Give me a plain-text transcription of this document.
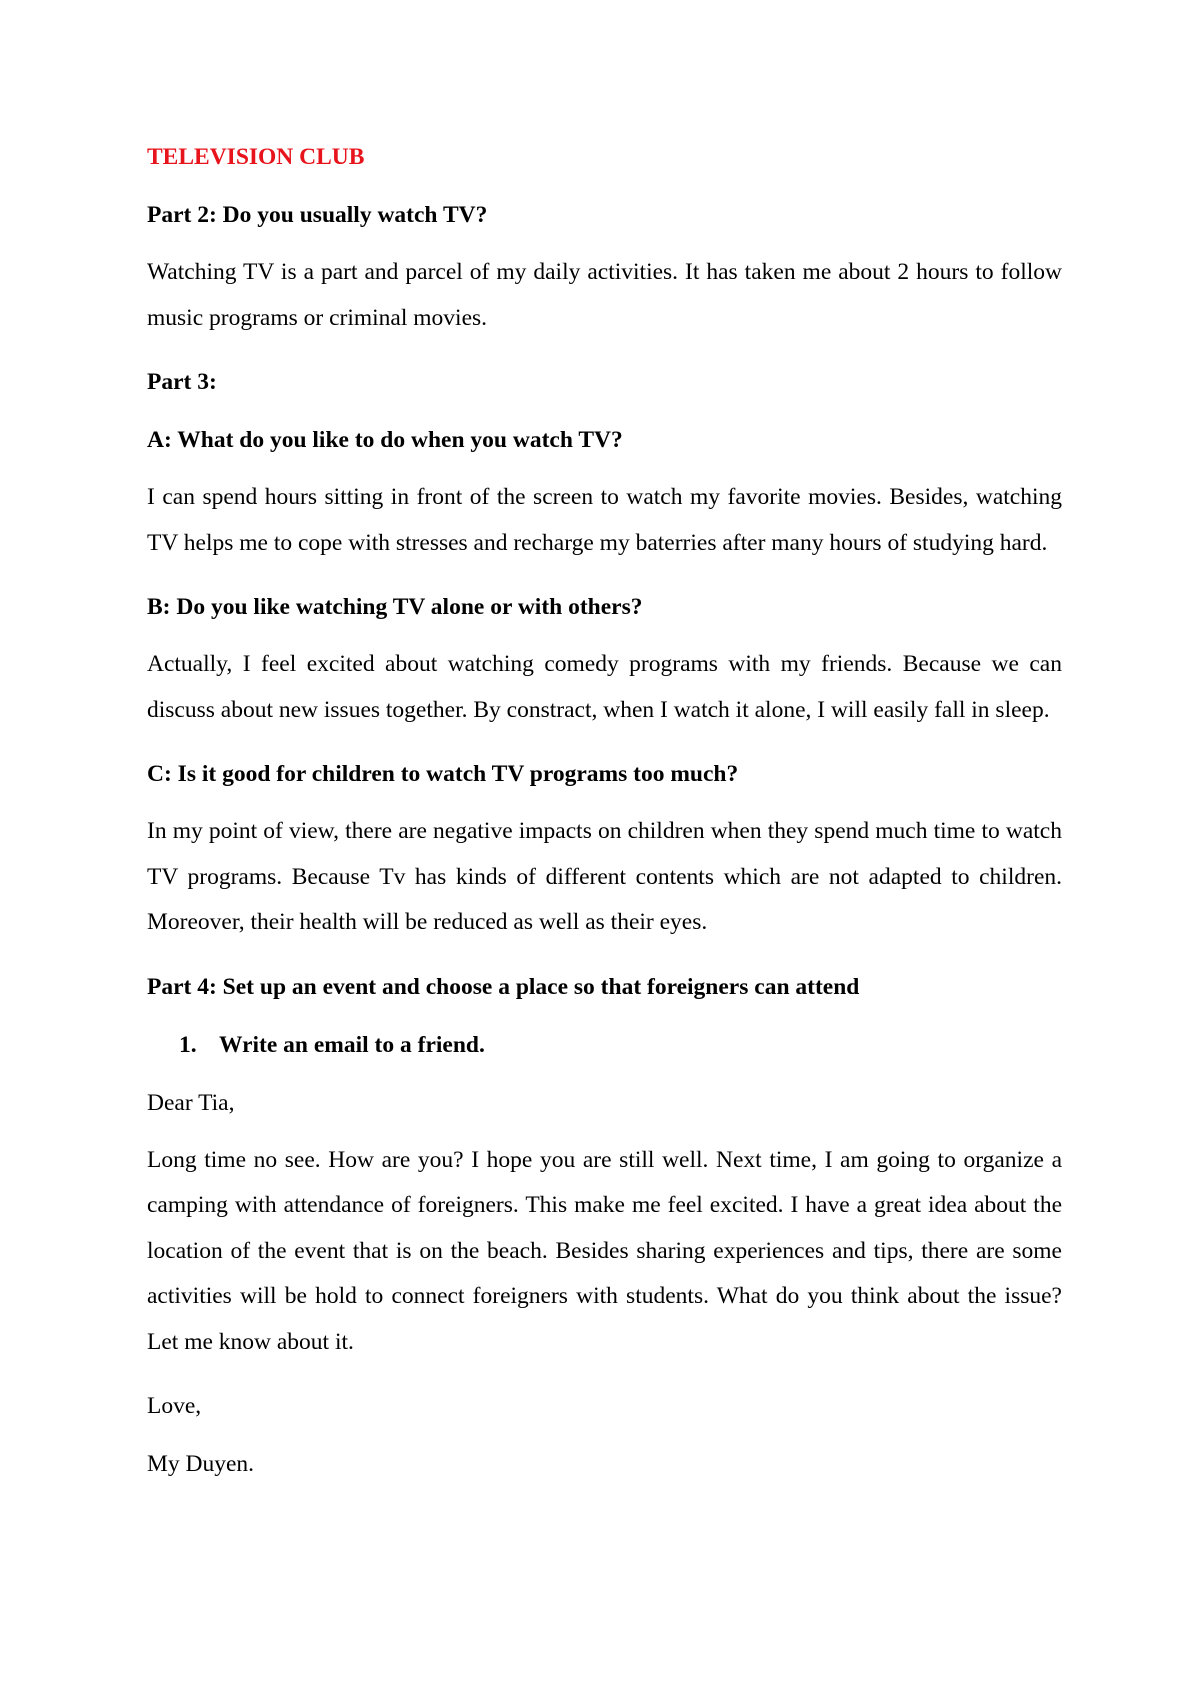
TELEVISION CLUB
Part 2: Do you usually watch TV?
Watching TV is a part and parcel of my daily activities. It has taken me about 2 hours to follow music programs or criminal movies.
Part 3:
A: What do you like to do when you watch TV?
I can spend hours sitting in front of the screen to watch my favorite movies. Besides, watching TV helps me to cope with stresses and recharge my baterries after many hours of studying hard.
B: Do you like watching TV alone or with others?
Actually, I feel excited about watching comedy programs with my friends. Because we can discuss about new issues together. By constract, when I watch it alone, I will easily fall in sleep.
C: Is it good for children to watch TV programs too much?
In my point of view, there are negative impacts on children when they spend much time to watch TV programs. Because Tv has kinds of different contents which are not adapted to children. Moreover, their health will be reduced as well as their eyes.
Part 4: Set up an event and choose a place so that foreigners can attend
1. Write an email to a friend.
Dear Tia,
Long time no see. How are you? I hope you are still well. Next time, I am going to organize a camping with attendance of foreigners. This make me feel excited. I have a great idea about the location of the event that is on the beach. Besides sharing experiences and tips, there are some activities will be hold to connect foreigners with students. What do you think about the issue? Let me know about it.
Love,
My Duyen.
